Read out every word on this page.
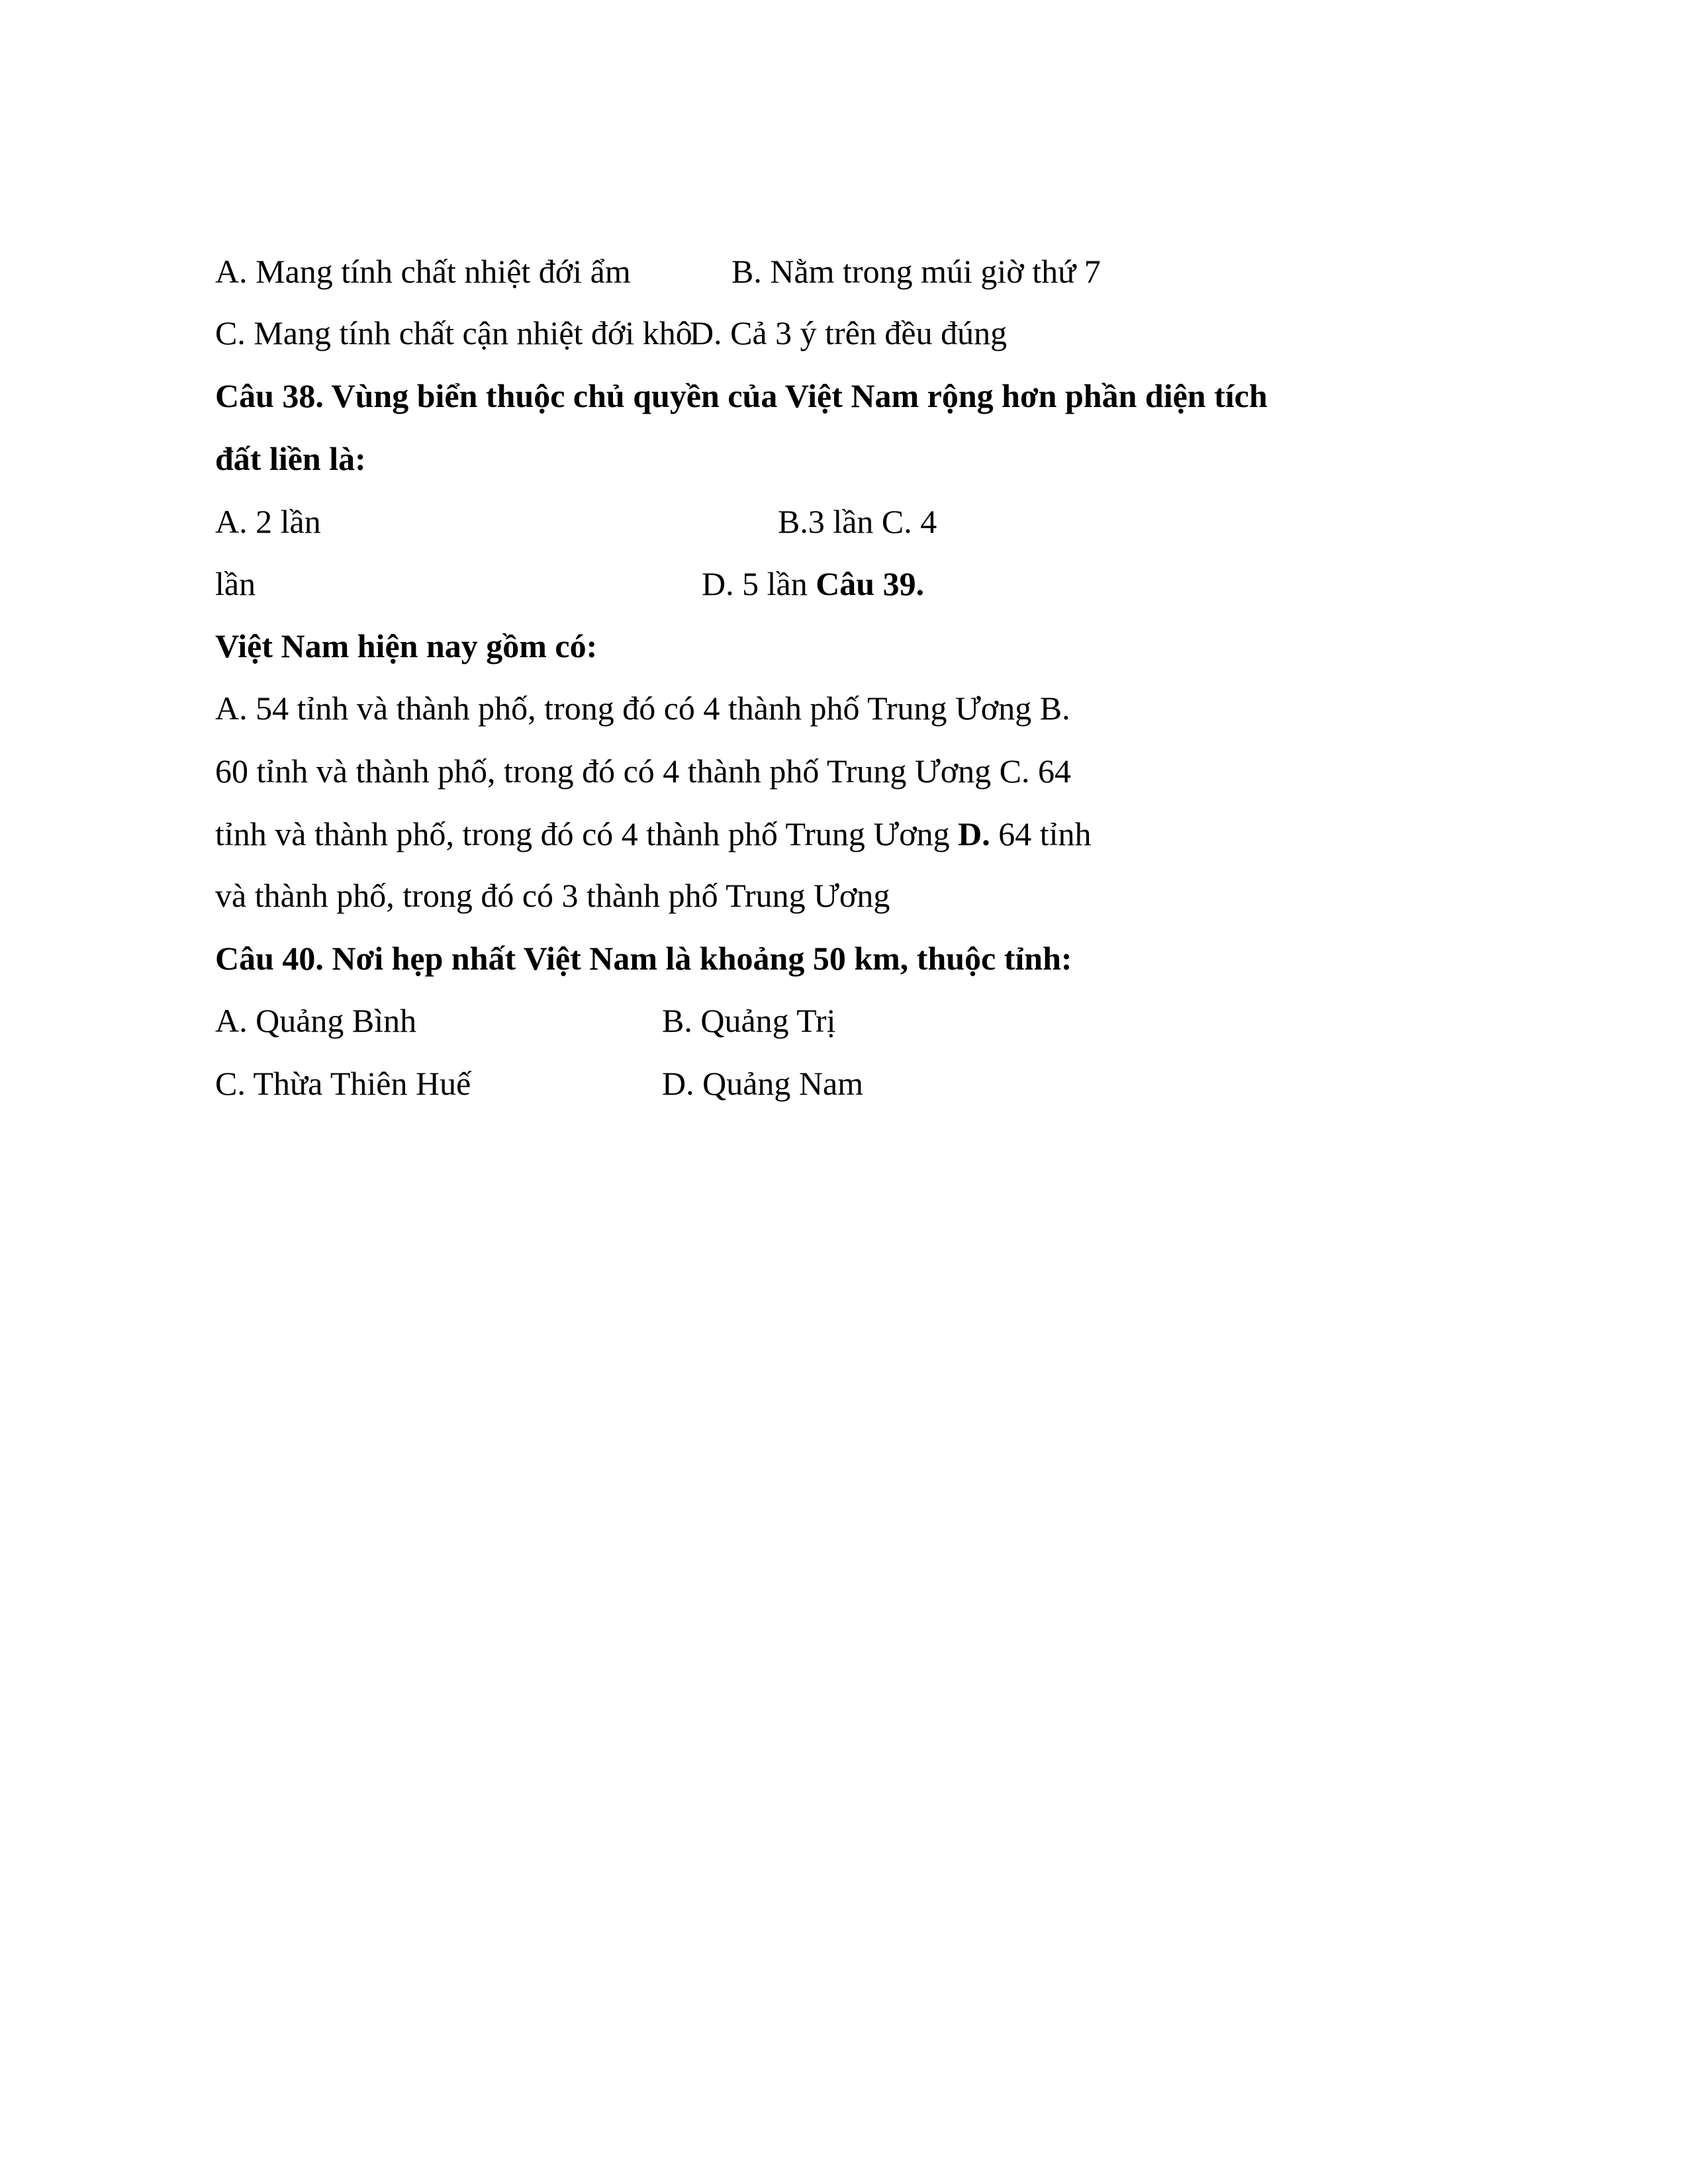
A. Mang tính chất nhiệt đới ẩm	B. Nằm trong múi giờ thứ 7
C. Mang tính chất cận nhiệt đới khô
D. Cả 3 ý trên đều đúng
Câu 38. Vùng biển thuộc chủ quyền của Việt Nam rộng hơn phần diện tích
đất liền là:
A. 2 lần	B.3 lần C. 4
lần	D. 5 lần Câu 39.
Việt Nam hiện nay gồm có:
A. 54 tỉnh và thành phố, trong đó có 4 thành phố Trung Ương B.
60 tỉnh và thành phố, trong đó có 4 thành phố Trung Ương C. 64
tỉnh và thành phố, trong đó có 4 thành phố Trung Ương D. 64 tỉnh
và thành phố, trong đó có 3 thành phố Trung Ương
Câu 40. Nơi hẹp nhất Việt Nam là khoảng 50 km, thuộc tỉnh:
A. Quảng Bình	B. Quảng Trị
C. Thừa Thiên Huế	D. Quảng Nam
